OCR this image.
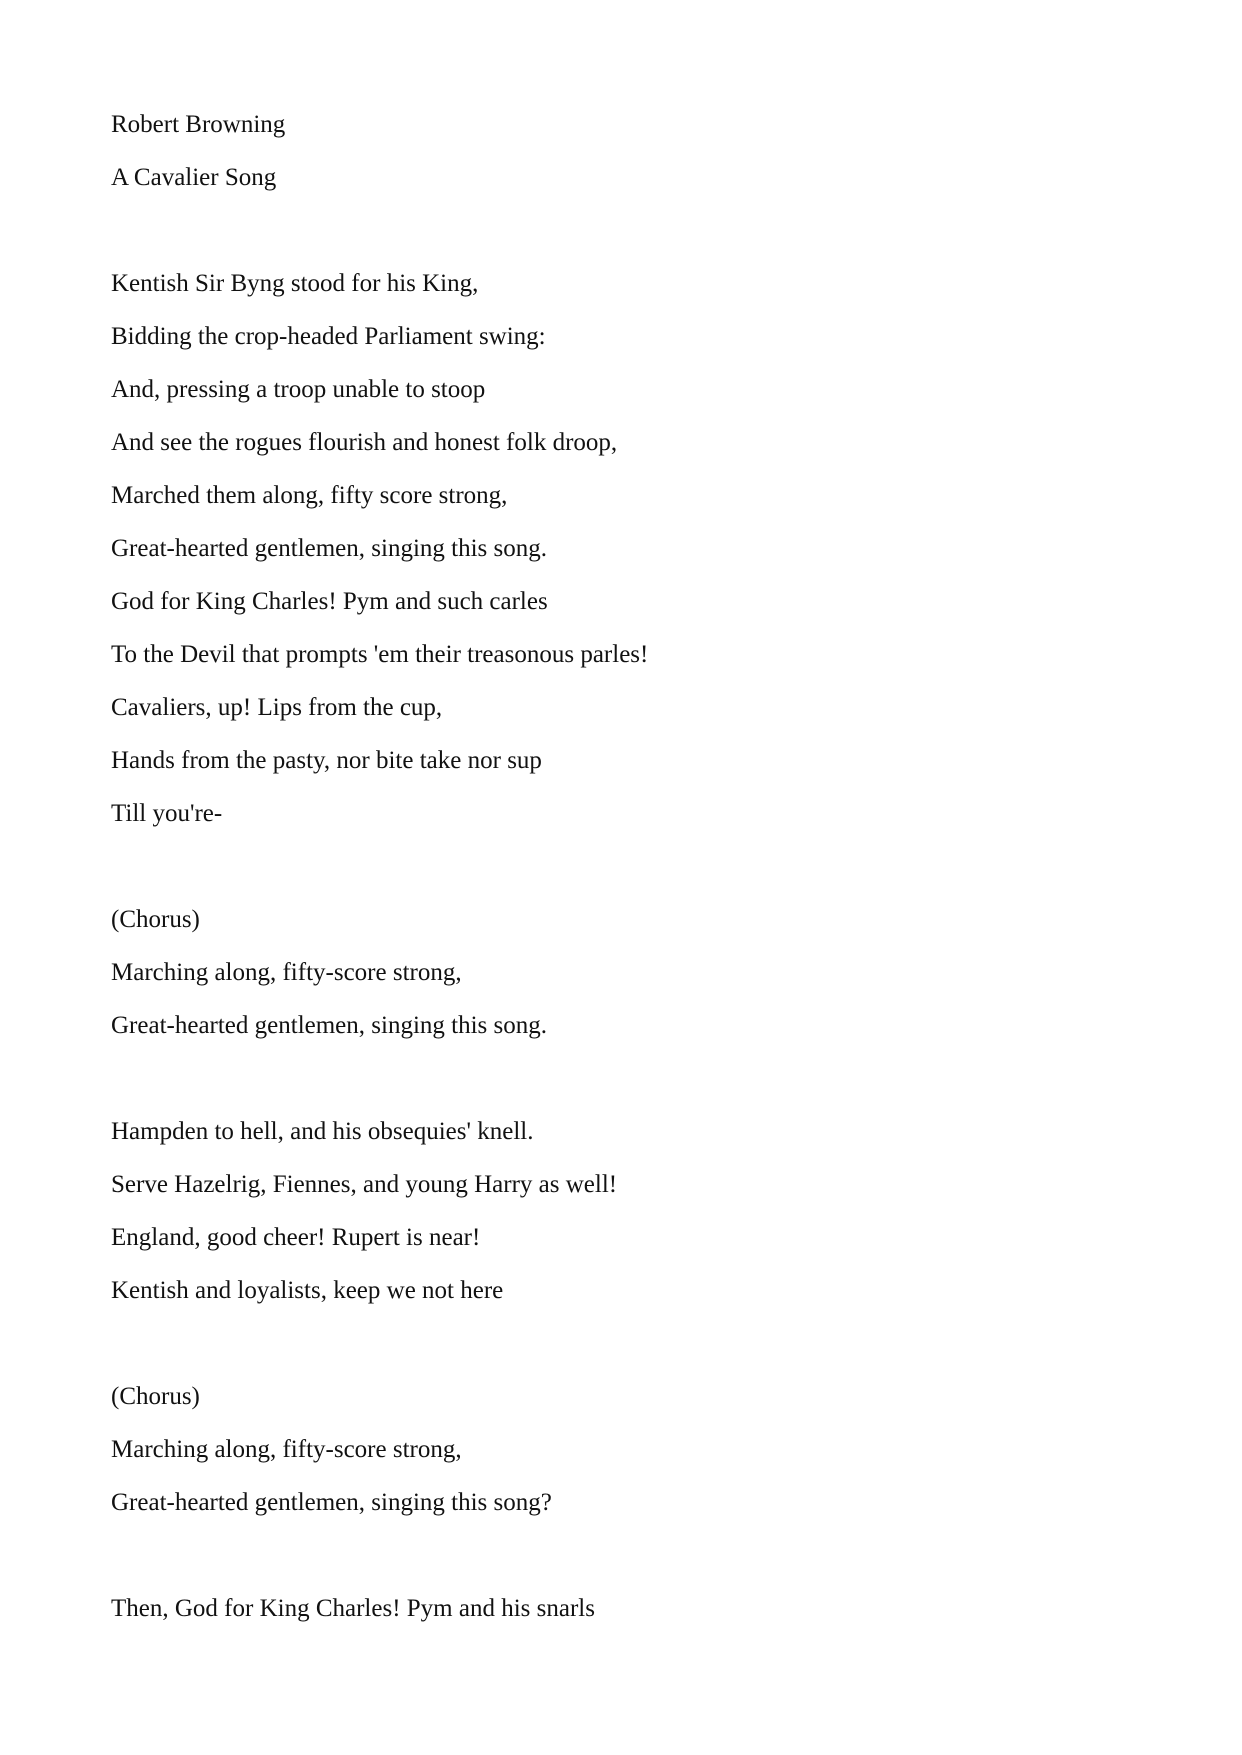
Robert Browning
A Cavalier Song
Kentish Sir Byng stood for his King,
Bidding the crop-headed Parliament swing:
And, pressing a troop unable to stoop
And see the rogues flourish and honest folk droop,
Marched them along, fifty score strong,
Great-hearted gentlemen, singing this song.
God for King Charles! Pym and such carles
To the Devil that prompts 'em their treasonous parles!
Cavaliers, up! Lips from the cup,
Hands from the pasty, nor bite take nor sup
Till you're-
(Chorus)
Marching along, fifty-score strong,
Great-hearted gentlemen, singing this song.
Hampden to hell, and his obsequies' knell.
Serve Hazelrig, Fiennes, and young Harry as well!
England, good cheer! Rupert is near!
Kentish and loyalists, keep we not here
(Chorus)
Marching along, fifty-score strong,
Great-hearted gentlemen, singing this song?
Then, God for King Charles! Pym and his snarls
